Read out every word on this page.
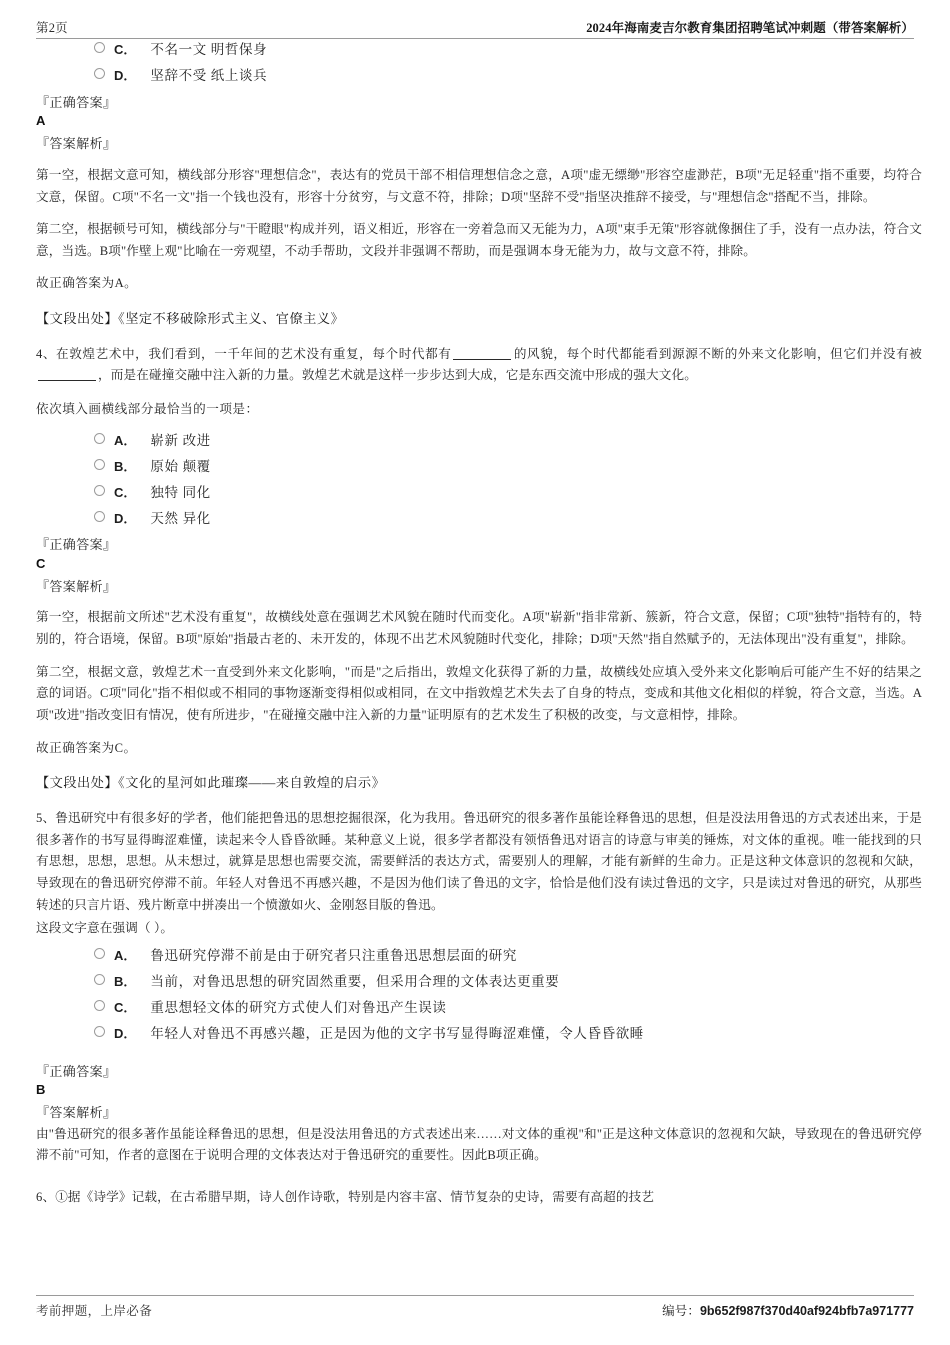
第2页	2024年海南麦吉尔教育集团招聘笔试冲刺题（带答案解析）
C． 不名一文 明哲保身
D． 坚辞不受 纸上谈兵
『正确答案』
A
『答案解析』

第一空，根据文意可知，横线部分形容"理想信念"，表达有的党员干部不相信理想信念之意，A项"虚无缥缈"形容空虚渺茫，B项"无足轻重"指不重要，均符合文意，保留。C项"不名一文"指一个钱也没有，形容十分贫穷，与文意不符，排除；D项"坚辞不受"指坚决推辞不接受，与"理想信念"搭配不当，排除。

第二空，根据顿号可知，横线部分与"干瞪眼"构成并列，语义相近，形容在一旁着急而又无能为力，A项"束手无策"形容就像捆住了手，没有一点办法，符合文意，当选。B项"作壁上观"比喻在一旁观望，不动手帮助，文段并非强调不帮助，而是强调本身无能为力，故与文意不符，排除。

故正确答案为A。

【文段出处】《坚定不移破除形式主义、官僚主义》

4、在敦煌艺术中，我们看到，一千年间的艺术没有重复，每个时代都有	的风貌，每个时代都能看到源源不断的外来文化影响，但它们并没有被，而是在碰撞交融中注入新的力量。敦煌艺术就是这样一步步达到大成，它是东西交流中形成的强大文化。

依次填入画横线部分最恰当的一项是：

A． 崭新 改进
B． 原始 颠覆
C． 独特 同化
D． 天然 异化
『正确答案』
C
『答案解析』

第一空，根据前文所述"艺术没有重复"，故横线处意在强调艺术风貌在随时代而变化。A项"崭新"指非常新、簇新，符合文意，保留；C项"独特"指特有的，特别的，符合语境，保留。B项"原始"指最古老的、未开发的，体现不出艺术风貌随时代变化，排除；D项"天然"指自然赋予的，无法体现出"没有重复"，排除。

第二空，根据文意，敦煌艺术一直受到外来文化影响，"而是"之后指出，敦煌文化获得了新的力量，故横线处应填入受外来文化影响后可能产生不好的结果之意的词语。C项"同化"指不相似或不相同的事物逐渐变得相似或相同，在文中指敦煌艺术失去了自身的特点，变成和其他文化相似的样貌，符合文意，当选。A项"改进"指改变旧有情况，使有所进步，"在碰撞交融中注入新的力量"证明原有的艺术发生了积极的改变，与文意相悖，排除。

故正确答案为C。

【文段出处】《文化的星河如此璀璨——来自敦煌的启示》

5、鲁迅研究中有很多好的学者，他们能把鲁迅的思想挖掘很深，化为我用。鲁迅研究的很多著作虽能诠释鲁迅的思想，但是没法用鲁迅的方式表述出来，于是很多著作的书写显得晦涩难懂，读起来令人昏昏欲睡。某种意义上说，很多学者都没有领悟鲁迅对语言的诗意与审美的锤炼，对文体的重视。唯一能找到的只有思想，思想，思想。从未想过，就算是思想也需要交流，需要鲜活的表达方式，需要别人的理解，才能有新鲜的生命力。正是这种文体意识的忽视和欠缺，导致现在的鲁迅研究停滞不前。年轻人对鲁迅不再感兴趣，不是因为他们读了鲁迅的文字，恰恰是他们没有读过鲁迅的文字，只是读过对鲁迅的研究，从那些转述的只言片语、残片断章中拼凑出一个愤激如火、金刚怒目版的鲁迅。

这段文字意在强调（ ）。

A． 鲁迅研究停滞不前是由于研究者只注重鲁迅思想层面的研究
B． 当前，对鲁迅思想的研究固然重要，但采用合理的文体表达更重要
C． 重思想轻文体的研究方式使人们对鲁迅产生误读
D． 年轻人对鲁迅不再感兴趣，正是因为他的文字书写显得晦涩难懂，令人昏昏欲睡
『正确答案』
B
『答案解析』

由"鲁迅研究的很多著作虽能诠释鲁迅的思想，但是没法用鲁迅的方式表述出来……对文体的重视"和"正是这种文体意识的忽视和欠缺，导致现在的鲁迅研究停滞不前"可知，作者的意图在于说明合理的文体表达对于鲁迅研究的重要性。因此B项正确。

6、①据《诗学》记载，在古希腊早期，诗人创作诗歌，特别是内容丰富、情节复杂的史诗，需要有高超的技艺

考前押题，上岸必备	编号：9b652f987f370d40af924bfb7a971777
